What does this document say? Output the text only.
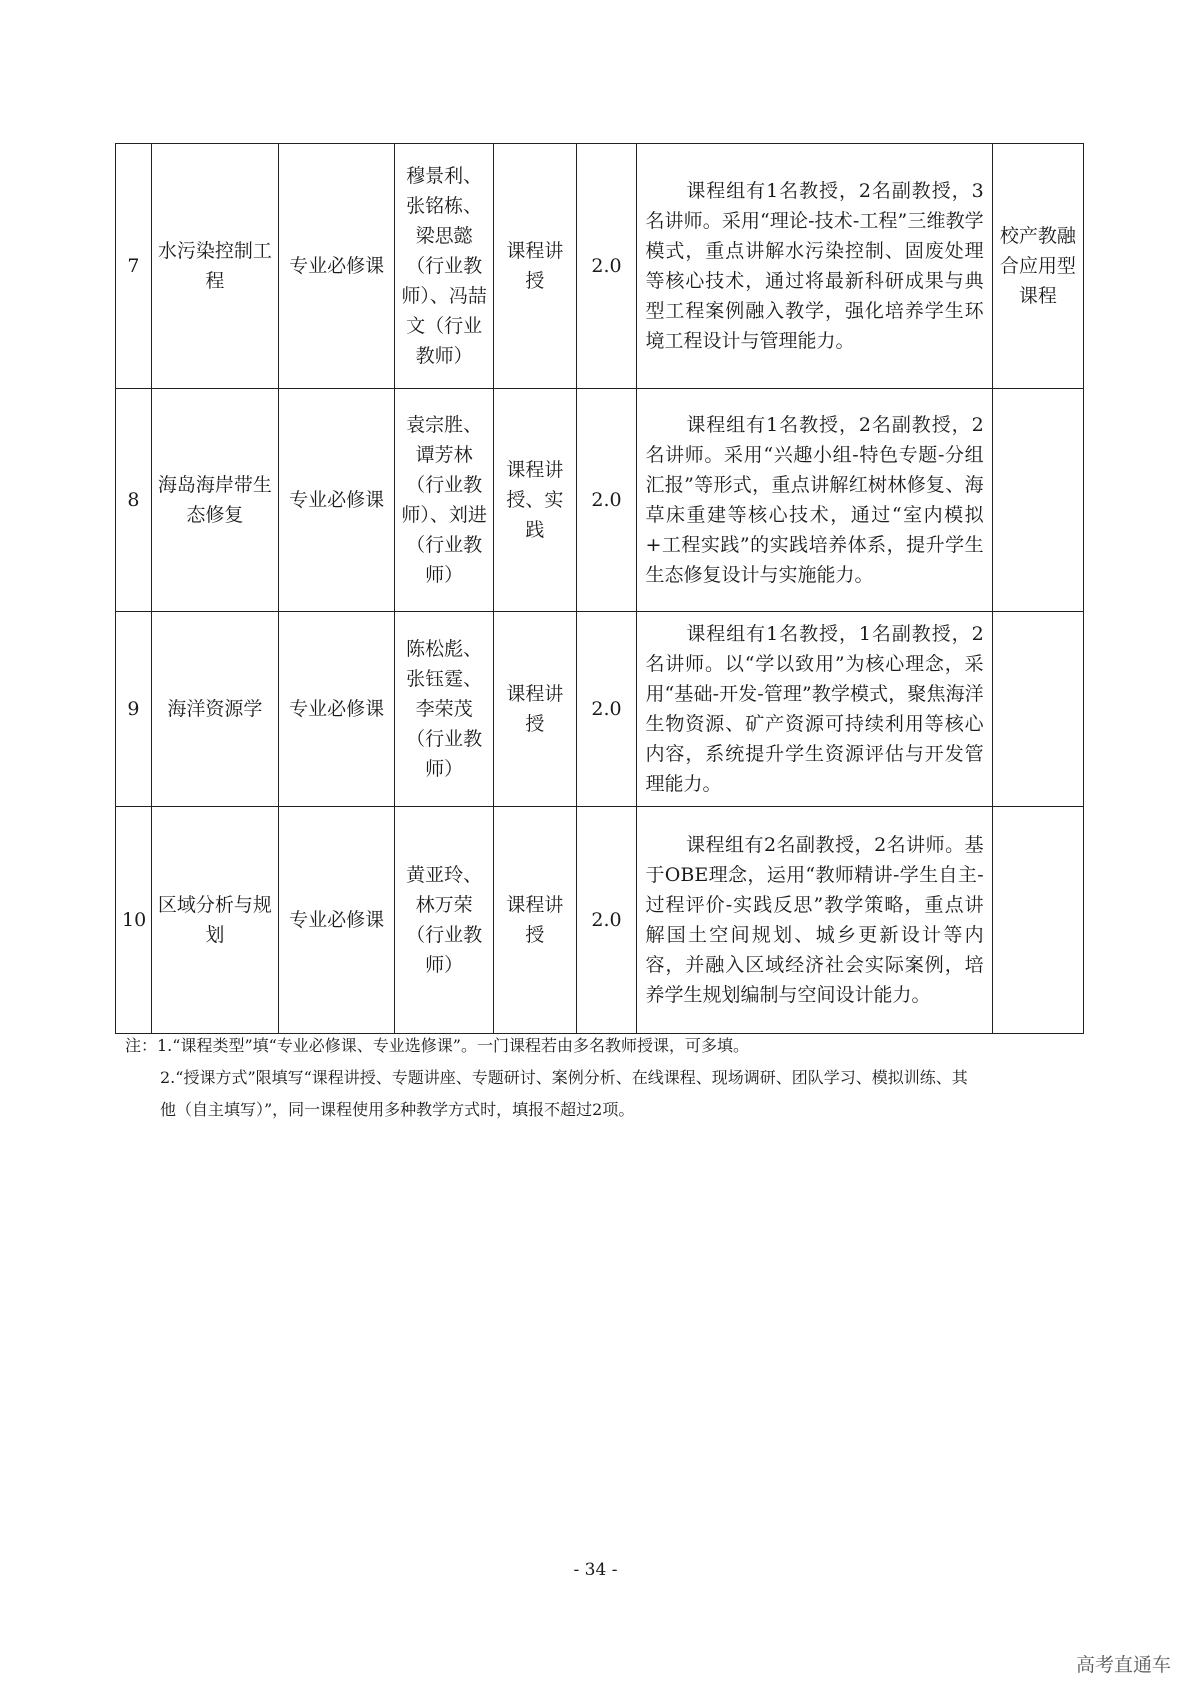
7	水污染控制工程	专业必修课	穆景利、张铭栋、梁思懿（行业教师）、冯喆文（行业教师）	课程讲授	2.0	课程组有1名教授，2名副教授，3名讲师。采用“理论-技术-工程”三维教学模式，重点讲解水污染控制、固废处理等核心技术，通过将最新科研成果与典型工程案例融入教学，强化培养学生环境工程设计与管理能力。	校产教融合应用型课程
8	海岛海岸带生态修复	专业必修课	袁宗胜、谭芳林（行业教师）、刘进（行业教师）	课程讲授、实践	2.0	课程组有1名教授，2名副教授，2名讲师。采用“兴趣小组-特色专题-分组汇报”等形式，重点讲解红树林修复、海草床重建等核心技术，通过“室内模拟+工程实践”的实践培养体系，提升学生生态修复设计与实施能力。	
9	海洋资源学	专业必修课	陈松彪、张钰霆、李荣茂（行业教师）	课程讲授	2.0	课程组有1名教授，1名副教授，2名讲师。以“学以致用”为核心理念，采用“基础-开发-管理”教学模式，聚焦海洋生物资源、矿产资源可持续利用等核心内容，系统提升学生资源评估与开发管理能力。	
10	区域分析与规划	专业必修课	黄亚玲、林万荣（行业教师）	课程讲授	2.0	课程组有2名副教授，2名讲师。基于OBE理念，运用“教师精讲-学生自主-过程评价-实践反思”教学策略，重点讲解国土空间规划、城乡更新设计等内容，并融入区域经济社会实际案例，培养学生规划编制与空间设计能力。	
注：1.“课程类型”填“专业必修课、专业选修课”。一门课程若由多名教师授课，可多填。
2.“授课方式”限填写“课程讲授、专题讲座、专题研讨、案例分析、在线课程、现场调研、团队学习、模拟训练、其
他（自主填写）”，同一课程使用多种教学方式时，填报不超过2项。
- 34 -
高考直通车
